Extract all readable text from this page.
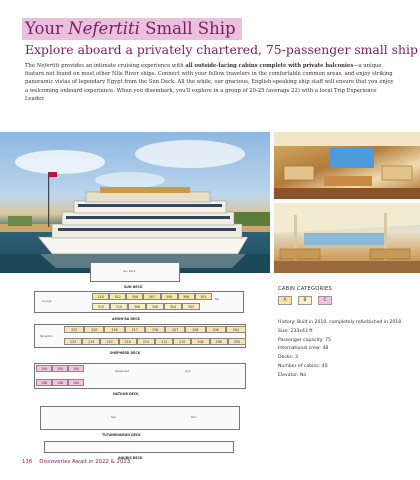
Your Nefertiti Small Ship
Explore aboard a privately chartered, 75-passenger small ship

The Nefertiti provides an intimate cruising experience with all outside-facing cabins complete with private balconies—a unique feature not found on most other Nile River ships. Connect with your fellow travelers in the comfortable common areas, and enjoy striking panoramic vistas of legendary Egypt from the Sun Deck. All the while, our gracious, English-speaking ship staff will ensure that you enjoy a welcoming onboard experience. When you disembark, you'll explore in a group of 20-25 (average 22) with a local Trip Experience Leader.

Sun Deck
SUN DECK
Lounge
Bar
218	312	306	307	308	306	301
315	310	308	306	304	302
AMON-RA DECK
Reception
222	220	218	217	218	207	208	206	204
223	219	220	216	214	212	210	208	206	205
SHEPHERD DECK
Restaurant	Gym
109	105	100
108	106	104
HATHOR DECK
Spa	Pool
TUTANKHAMUN DECK
ANUBIS DECK
CABIN CATEGORIES
A	B	C
History: Built in 2010, completely refurbished in 2018
Size: 233x43 ft
Passenger capacity: 75
International crew: 48
Decks: 3
Number of cabins: 40
Elevator: No
136 Discoveries Await in 2022 & 2023
